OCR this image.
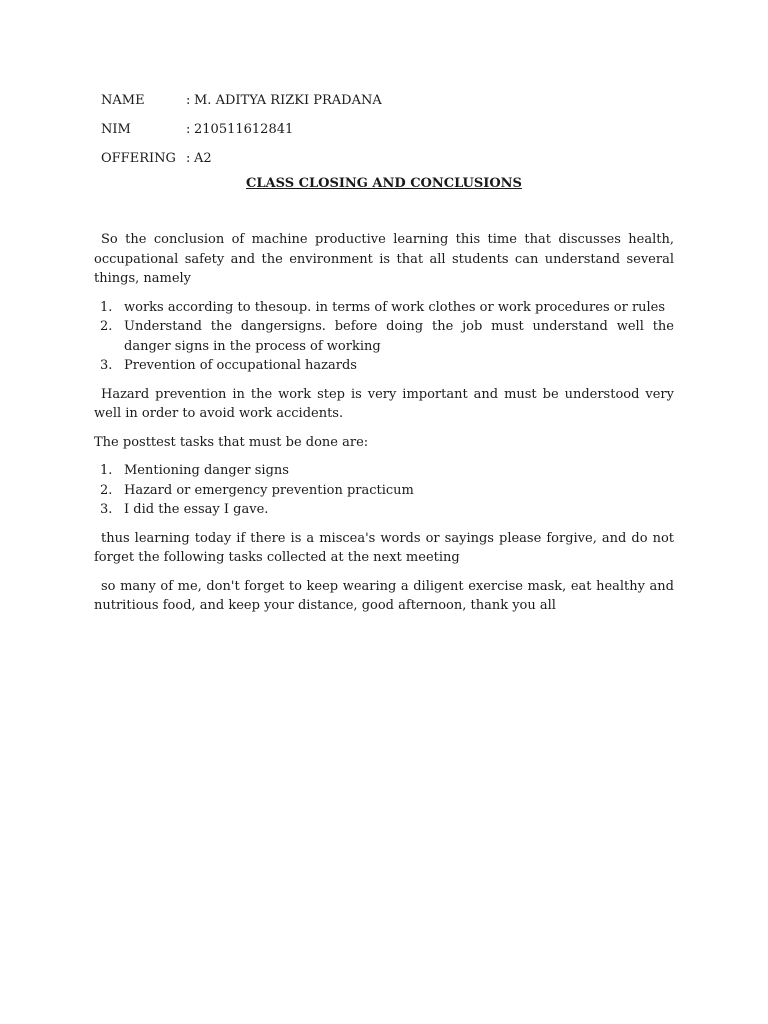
NAME	: M. ADITYA RIZKI PRADANA
NIM	: 210511612841
OFFERING : A2
CLASS CLOSING AND CONCLUSIONS

So the conclusion of machine productive learning this time that discusses health, occupational safety and the environment is that all students can understand several things, namely

1. works according to thesoup. in terms of work clothes or work procedures or rules
2. Understand the dangersigns. before doing the job must understand well the danger signs in the process of working
3. Prevention of occupational hazards

Hazard prevention in the work step is very important and must be understood very well in order to avoid work accidents.

The posttest tasks that must be done are:

1. Mentioning danger signs
2. Hazard or emergency prevention practicum
3. I did the essay I gave.

thus learning today if there is a miscea's words or sayings please forgive, and do not forget the following tasks collected at the next meeting

so many of me, don't forget to keep wearing a diligent exercise mask, eat healthy and nutritious food, and keep your distance, good afternoon, thank you all
